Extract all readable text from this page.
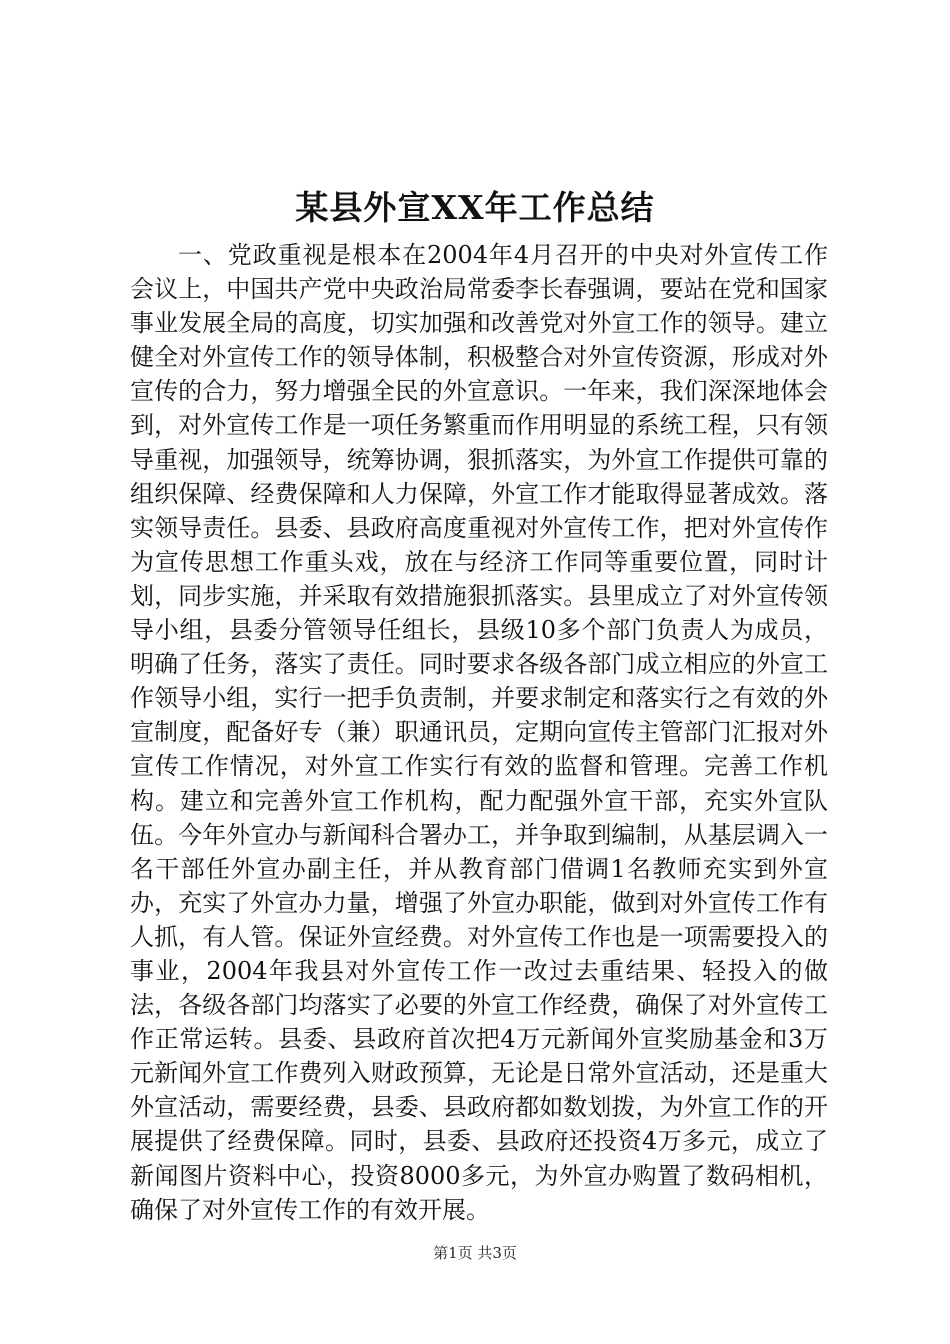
某县外宣XX年工作总结

一、党政重视是根本在2004年4月召开的中央对外宣传工作会议上，中国共产党中央政治局常委李长春强调，要站在党和国家事业发展全局的高度，切实加强和改善党对外宣工作的领导。建立健全对外宣传工作的领导体制，积极整合对外宣传资源，形成对外宣传的合力，努力增强全民的外宣意识。一年来，我们深深地体会到，对外宣传工作是一项任务繁重而作用明显的系统工程，只有领导重视，加强领导，统筹协调，狠抓落实，为外宣工作提供可靠的组织保障、经费保障和人力保障，外宣工作才能取得显著成效。落实领导责任。县委、县政府高度重视对外宣传工作，把对外宣传作为宣传思想工作重头戏，放在与经济工作同等重要位置，同时计划，同步实施，并采取有效措施狠抓落实。县里成立了对外宣传领导小组，县委分管领导任组长，县级10多个部门负责人为成员，明确了任务，落实了责任。同时要求各级各部门成立相应的外宣工作领导小组，实行一把手负责制，并要求制定和落实行之有效的外宣制度，配备好专（兼）职通讯员，定期向宣传主管部门汇报对外宣传工作情况，对外宣工作实行有效的监督和管理。完善工作机构。建立和完善外宣工作机构，配力配强外宣干部，充实外宣队伍。今年外宣办与新闻科合署办工，并争取到编制，从基层调入一名干部任外宣办副主任，并从教育部门借调1名教师充实到外宣办，充实了外宣办力量，增强了外宣办职能，做到对外宣传工作有人抓，有人管。保证外宣经费。对外宣传工作也是一项需要投入的事业，2004年我县对外宣传工作一改过去重结果、轻投入的做法，各级各部门均落实了必要的外宣工作经费，确保了对外宣传工作正常运转。县委、县政府首次把4万元新闻外宣奖励基金和3万元新闻外宣工作费列入财政预算，无论是日常外宣活动，还是重大外宣活动，需要经费，县委、县政府都如数划拨，为外宣工作的开展提供了经费保障。同时，县委、县政府还投资4万多元，成立了新闻图片资料中心，投资8000多元，为外宣办购置了数码相机，确保了对外宣传工作的有效开展。

第1页 共3页
